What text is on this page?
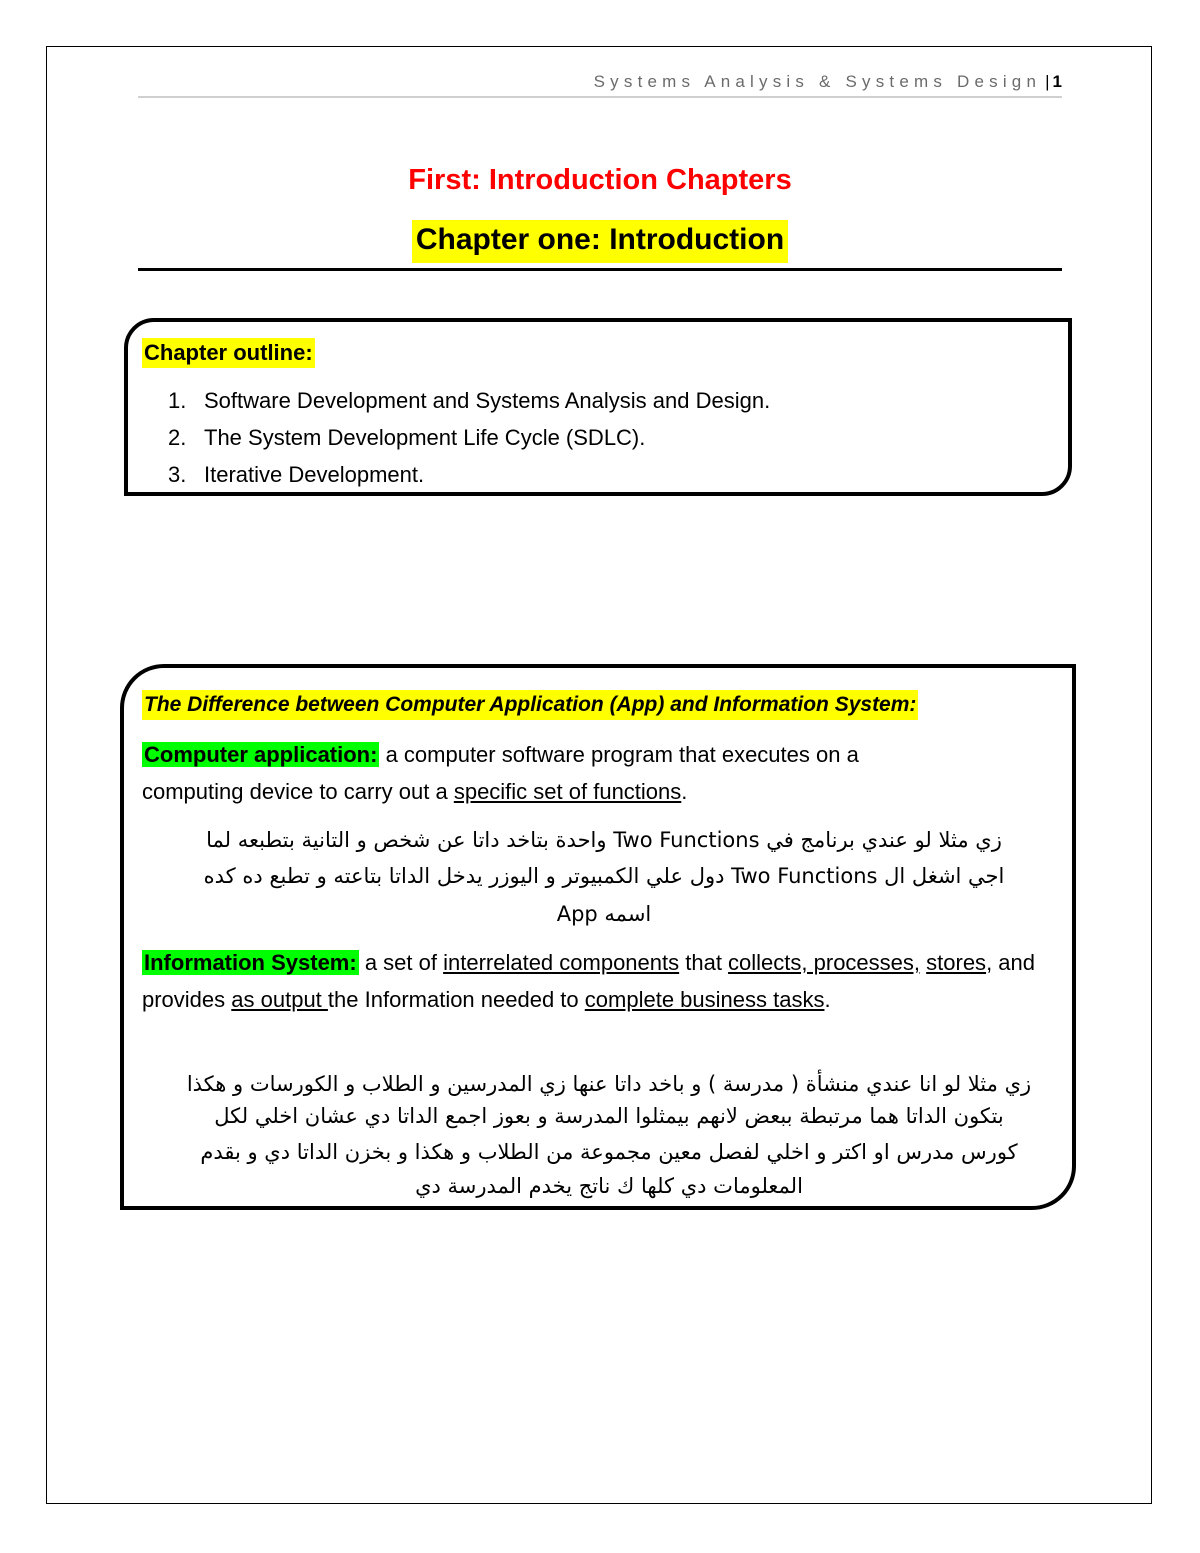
Systems Analysis & Systems Design | 1
First: Introduction Chapters
Chapter one: Introduction
Chapter outline:
1. Software Development and Systems Analysis and Design.
2. The System Development Life Cycle (SDLC).
3. Iterative Development.
The Difference between Computer Application (App) and Information System:

Computer application: a computer software program that executes on a computing device to carry out a specific set of functions.

زي مثلا لو عندي برنامج في Two Functions واحدة بتاخد داتا عن شخص و التانية بتطبعه لما
اجي اشغل ال Two Functions دول علي الكمبيوتر و اليوزر يدخل الداتا بتاعته و تطبع ده كده
اسمه App

Information System: a set of interrelated components that collects, processes, stores, and provides as output the Information needed to complete business tasks.

زي مثلا لو انا عندي منشأة ( مدرسة ) و باخد داتا عنها زي المدرسين و الطلاب و الكورسات و هكذا
بتكون الداتا هما مرتبطة ببعض لانهم بيمثلوا المدرسة و بعوز اجمع الداتا دي عشان اخلي لكل
كورس مدرس او اكتر و اخلي لفصل معين مجموعة من الطلاب و هكذا و بخزن الداتا دي و بقدم
المعلومات دي كلها ك ناتج يخدم المدرسة دي
